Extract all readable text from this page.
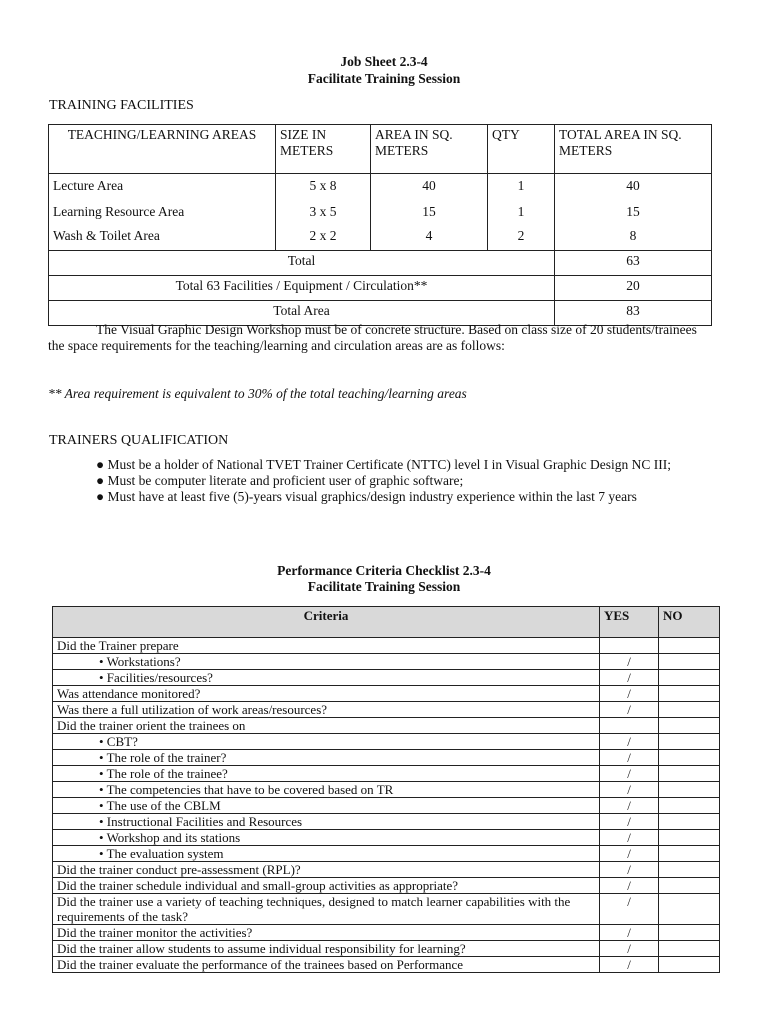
Job Sheet 2.3-4
Facilitate Training Session
TRAINING FACILITIES
TEACHING/LEARNING AREAS	SIZE IN METERS	AREA IN SQ. METERS	QTY	TOTAL AREA IN SQ. METERS
Lecture Area	5 x 8	40	1	40
Learning Resource Area	3 x 5	15	1	15
Wash & Toilet Area	2 x 2	4	2	8
Total				63
Total 63 Facilities / Equipment / Circulation**				20
Total Area				83
The Visual Graphic Design Workshop must be of concrete structure. Based on class size of 20 students/trainees the space requirements for the teaching/learning and circulation areas are as follows:
** Area requirement is equivalent to 30% of the total teaching/learning areas
TRAINERS QUALIFICATION
● Must be a holder of National TVET Trainer Certificate (NTTC) level I in Visual Graphic Design NC III;
● Must be computer literate and proficient user of graphic software;
● Must have at least five (5)-years visual graphics/design industry experience within the last 7 years
Performance Criteria Checklist 2.3-4
Facilitate Training Session
Criteria	YES	NO
Did the Trainer prepare		
• Workstations?	/	
• Facilities/resources?	/	
Was attendance monitored?	/	
Was there a full utilization of work areas/resources?	/	
Did the trainer orient the trainees on		
• CBT?	/	
• The role of the trainer?	/	
• The role of the trainee?	/	
• The competencies that have to be covered based on TR	/	
• The use of the CBLM	/	
• Instructional Facilities and Resources	/	
• Workshop and its stations	/	
• The evaluation system	/	
Did the trainer conduct pre-assessment (RPL)?	/	
Did the trainer schedule individual and small-group activities as appropriate?	/	
Did the trainer use a variety of teaching techniques, designed to match learner capabilities with the requirements of the task?	/	
Did the trainer monitor the activities?	/	
Did the trainer allow students to assume individual responsibility for learning?	/	
Did the trainer evaluate the performance of the trainees based on Performance	/	
